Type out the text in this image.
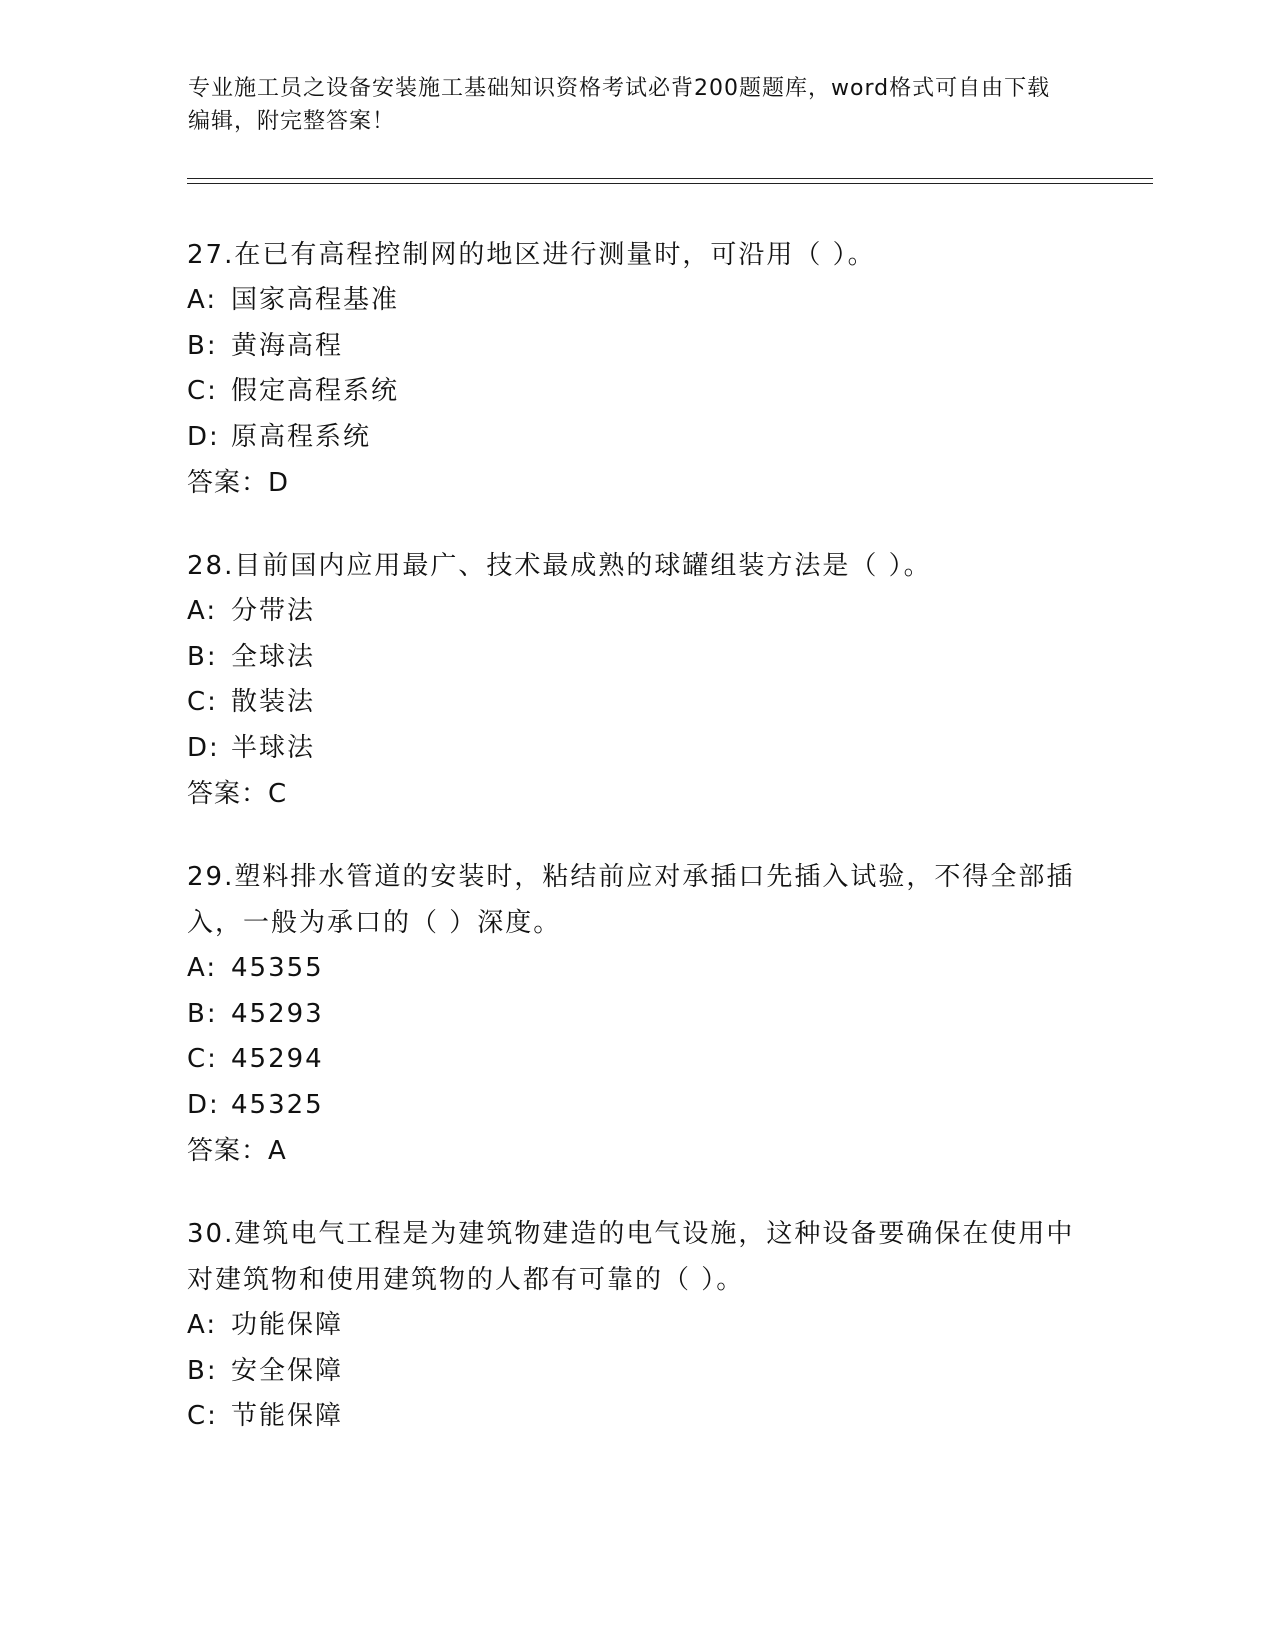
专业施工员之设备安装施工基础知识资格考试必背200题题库，word格式可自由下载编辑，附完整答案！
27.在已有高程控制网的地区进行测量时，可沿用（ ）。
A: 国家高程基准
B: 黄海高程
C: 假定高程系统
D: 原高程系统
答案：D
28.目前国内应用最广、技术最成熟的球罐组装方法是（ ）。
A: 分带法
B: 全球法
C: 散装法
D: 半球法
答案：C
29.塑料排水管道的安装时，粘结前应对承插口先插入试验，不得全部插入，一般为承口的（ ）深度。
A: 45355
B: 45293
C: 45294
D: 45325
答案：A
30.建筑电气工程是为建筑物建造的电气设施，这种设备要确保在使用中对建筑物和使用建筑物的人都有可靠的（ ）。
A: 功能保障
B: 安全保障
C: 节能保障
